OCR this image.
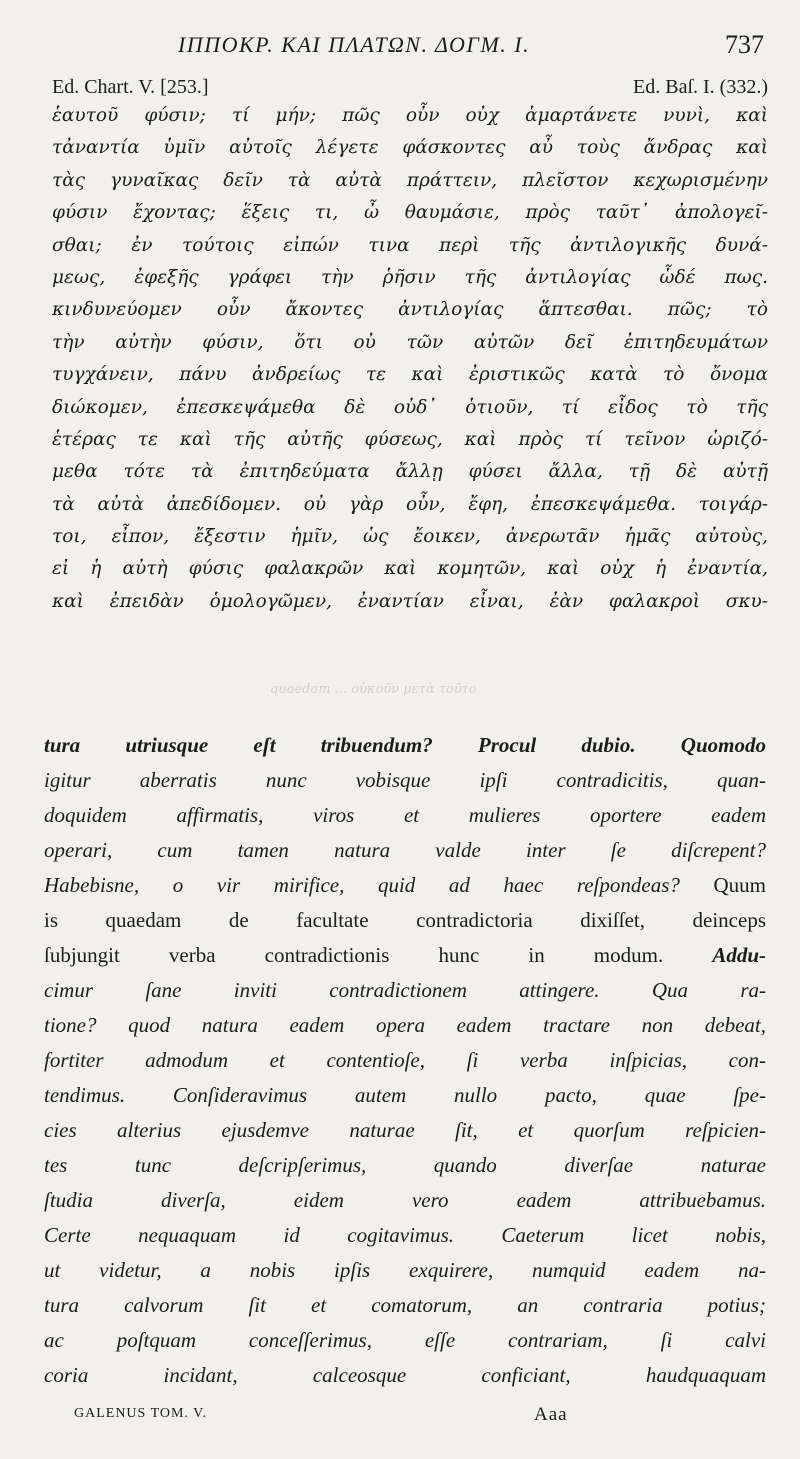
ΙΠΠΟΚΡ. ΚΑΙ ΠΛΑΤΩΝ. ΔΟΓΜ. Ι.	737
Ed. Chart. V. [253.]	Ed. Baſ. I. (332.)
ἑαυτοῦ φύσιν; τί μήν; πῶς οὖν οὐχ ἁμαρτάνετε νυνὶ, καὶ
τἀναντία ὑμῖν αὐτοῖς λέγετε φάσκοντες αὖ τοὺς ἄνδρας καὶ
τὰς γυναῖκας δεῖν τὰ αὐτὰ πράττειν, πλεῖστον κεχωρισμένην
φύσιν ἔχοντας; ἕξεις τι, ὦ θαυμάσιε, πρὸς ταῦτ᾽ ἀπολογεῖ-
σθαι; ἐν τούτοις εἰπών τινα περὶ τῆς ἀντιλογικῆς δυνά-
μεως, ἐφεξῆς γράφει τὴν ῥῆσιν τῆς ἀντιλογίας ὧδέ πως.
κινδυνεύομεν οὖν ἄκοντες ἀντιλογίας ἅπτεσθαι. πῶς; τὸ
τὴν αὐτὴν φύσιν, ὅτι οὐ τῶν αὐτῶν δεῖ ἐπιτηδευμάτων
τυγχάνειν, πάνυ ἀνδρείως τε καὶ ἐριστικῶς κατὰ τὸ ὄνομα
διώκομεν, ἐπεσκεψάμεθα δὲ οὐδ᾽ ὁτιοῦν, τί εἶδος τὸ τῆς
ἑτέρας τε καὶ τῆς αὐτῆς φύσεως, καὶ πρὸς τί τεῖνον ὡριζό-
μεθα τότε τὰ ἐπιτηδεύματα ἄλλῃ φύσει ἄλλα, τῇ δὲ αὐτῇ
τὰ αὐτὰ ἀπεδίδομεν. οὐ γὰρ οὖν, ἔφη, ἐπεσκεψάμεθα. τοιγάρ-
τοι, εἶπον, ἔξεστιν ἡμῖν, ὡς ἔοικεν, ἀνερωτᾶν ἡμᾶς αὐτοὺς,
εἰ ἡ αὐτὴ φύσις φαλακρῶν καὶ κομητῶν, καὶ οὐχ ἡ ἐναντία,
καὶ ἐπειδὰν ὁμολογῶμεν, ἐναντίαν εἶναι, ἐὰν φαλακροὶ σκυ-
quaedam ... οὐκοῦν μετὰ τοῦτο
tura utriusque eſt tribuendum? Procul dubio. Quomodo
igitur aberratis nunc vobisque ipſi contradicitis, quan-
doquidem affirmatis, viros et mulieres oportere eadem
operari, cum tamen natura valde inter ſe diſcrepent?
Habebisne, o vir mirifice, quid ad haec reſpondeas? Quum
is quaedam de facultate contradictoria dixiſſet, deinceps
ſubjungit verba contradictionis hunc in modum. Addu-
cimur ſane inviti contradictionem attingere. Qua ra-
tione? quod natura eadem opera eadem tractare non debeat,
fortiter admodum et contentioſe, ſi verba inſpicias, con-
tendimus. Conſideravimus autem nullo pacto, quae ſpe-
cies alterius ejusdemve naturae ſit, et quorſum reſpicien-
tes tunc deſcripſerimus, quando diverſae naturae
ſtudia diverſa, eidem vero eadem attribuebamus.
Certe nequaquam id cogitavimus. Caeterum licet nobis,
ut videtur, a nobis ipſis exquirere, numquid eadem na-
tura calvorum ſit et comatorum, an contraria potius;
ac poſtquam conceſſerimus, eſſe contrariam, ſi calvi
coria incidant, calceosque conficiant, haudquaquam
GALENUS TOM. V.	Aaa
